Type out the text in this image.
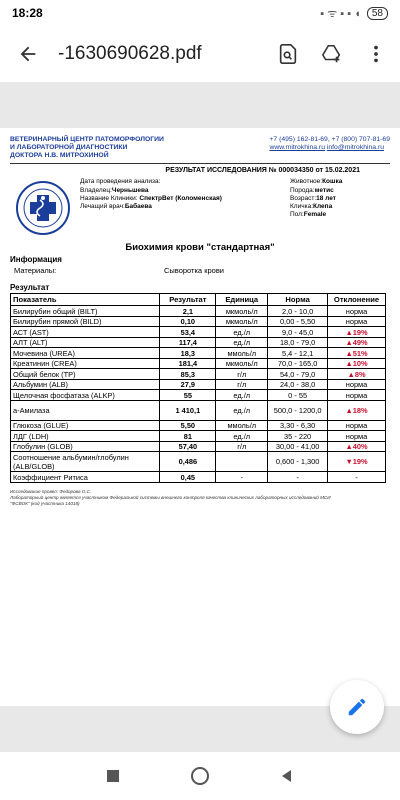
18:28	▪ ᯤ ▪ ▪ ◖	58
-1630690628.pdf
ВЕТЕРИНАРНЫЙ ЦЕНТР ПАТОМОРФОЛОГИИ
И ЛАБОРАТОРНОЙ ДИАГНОСТИКИ
ДОКТОРА Н.В. МИТРОХИНОЙ
+7 (495) 162-81-69, +7 (800) 707-81-69
www.mitrokhina.ru info@mitrokhina.ru
РЕЗУЛЬТАТ ИССЛЕДОВАНИЯ № 000034350 от 15.02.2021
Дата проведения анализа:
Владелец:Черньшева
Название Клиники: СпектрВет (Коломенская)
Лечащий врач:Бабаева
Животное:Кошка
Порода:метис
Возраст:18 лет
Кличка:Клепа
Пол:Female
Биохимия крови "стандартная"
Информация
Материалы:	Сыворотка крови
Результат
Показатель	Результат	Единица	Норма	Отклонение
Билирубин общий (BILT)	2,1	мкмоль/л	2,0 - 10,0	норма
Билирубин прямой (BILD)	0,10	мкмоль/л	0,00 - 5,50	норма
АСТ (AST)	53,4	ед./л	9,0 - 45,0	▲19%
АЛТ (ALT)	117,4	ед./л	18,0 - 79,0	▲49%
Мочевина (UREA)	18,3	ммоль/л	5,4 - 12,1	▲51%
Креатинин (CREA)	181,4	мкмоль/л	70,0 - 165,0	▲10%
Общий белок (TP)	85,3	г/л	54,0 - 79,0	▲8%
Альбумин (ALB)	27,9	г/л	24,0 - 38,0	норма
Щелочная фосфатаза (ALKP)	55	ед./л	0 - 55	норма
а-Амилаза	1 410,1	ед./л	500,0 - 1200,0	▲18%
Глюкоза (GLUE)	5,50	ммоль/л	3,30 - 6,30	норма
ЛДГ (LDH)	81	ед./л	35 - 220	норма
Глобулин (GLOB)	57,40	г/л	30,00 - 41,00	▲40%
Соотношение альбумин/глобулин (ALB/GLOB)	0,486		0,600 - 1,300	▼19%
Коэффициент Ритиса	0,45	-	-	-
Исследование провел: Федорова О.С.
Лабораторный центр является участником Федеральной системы внешнего контроля качества клинических лабораторных исследований МСИ
"ФСВОК" (код участника 14018)
